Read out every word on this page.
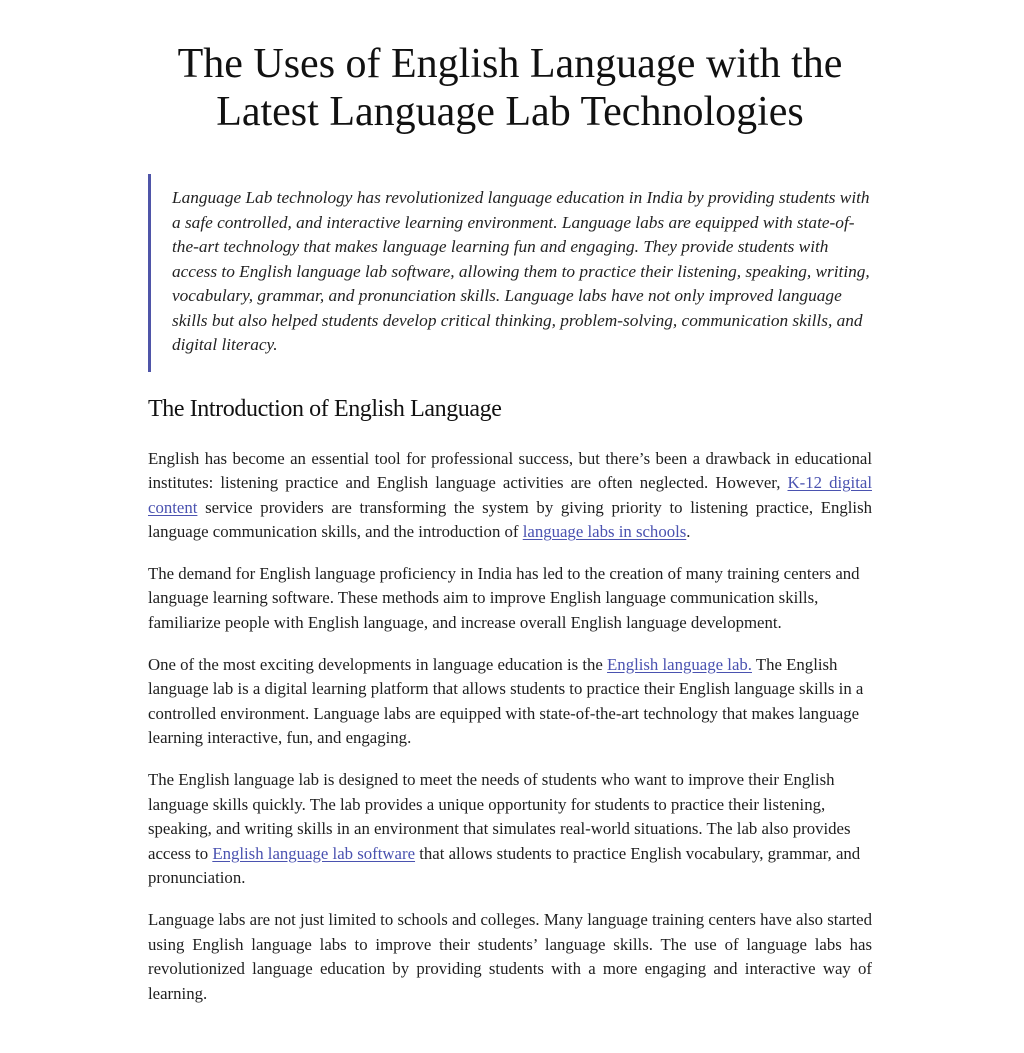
The Uses of English Language with the
Latest Language Lab Technologies

Language Lab technology has revolutionized language education in India by providing students with a safe controlled, and interactive learning environment. Language labs are equipped with state-of-the-art technology that makes language learning fun and engaging. They provide students with access to English language lab software, allowing them to practice their listening, speaking, writing, vocabulary, grammar, and pronunciation skills. Language labs have not only improved language skills but also helped students develop critical thinking, problem-solving, communication skills, and digital literacy.

The Introduction of English Language

English has become an essential tool for professional success, but there’s been a drawback in educational institutes: listening practice and English language activities are often neglected. However, K-12 digital content service providers are transforming the system by giving priority to listening practice, English language communication skills, and the introduction of language labs in schools.

The demand for English language proficiency in India has led to the creation of many training centers and language learning software. These methods aim to improve English language communication skills, familiarize people with English language, and increase overall English language development.

One of the most exciting developments in language education is the English language lab. The English language lab is a digital learning platform that allows students to practice their English language skills in a controlled environment. Language labs are equipped with state-of-the-art technology that makes language learning interactive, fun, and engaging.

The English language lab is designed to meet the needs of students who want to improve their English language skills quickly. The lab provides a unique opportunity for students to practice their listening, speaking, and writing skills in an environment that simulates real-world situations. The lab also provides access to English language lab software that allows students to practice English vocabulary, grammar, and pronunciation.

Language labs are not just limited to schools and colleges. Many language training centers have also started using English language labs to improve their students’ language skills. The use of language labs has revolutionized language education by providing students with a more engaging and interactive way of learning.
